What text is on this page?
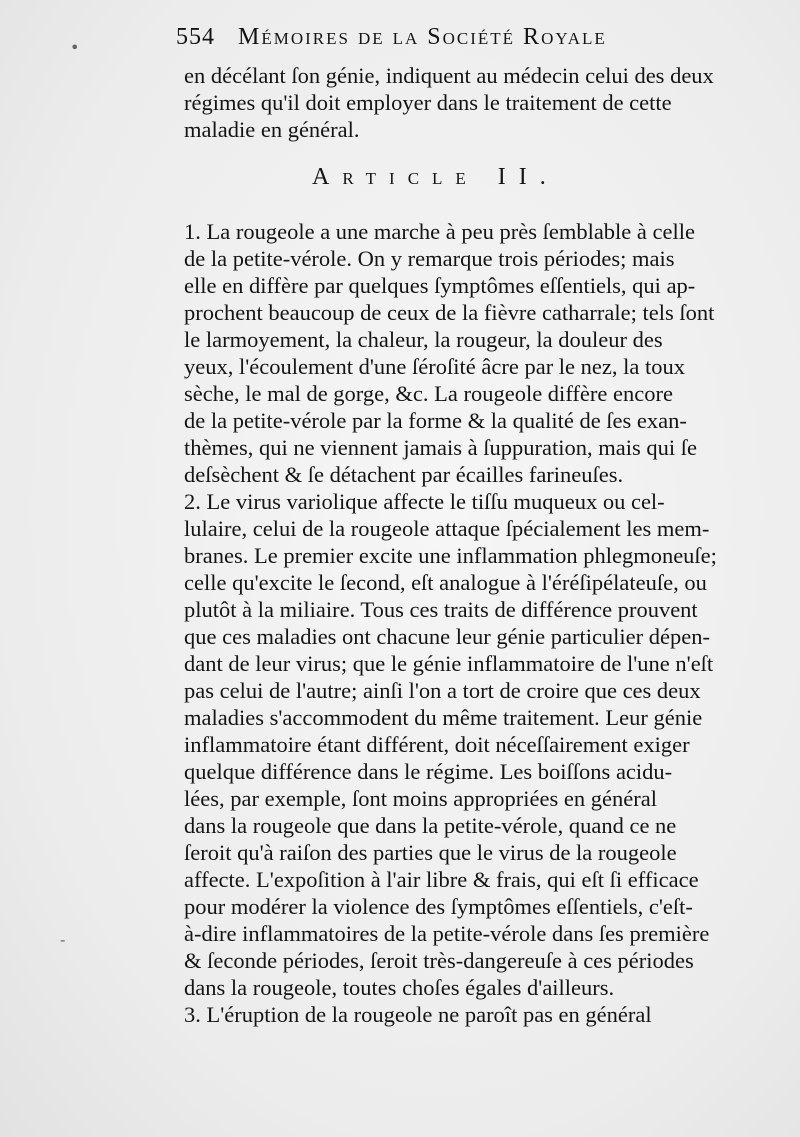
554 Mémoires de la Société Royale
•
en décélant ſon génie, indiquent au médecin celui des deux
régimes qu'il doit employer dans le traitement de cette
maladie en général.
Article II.
1. La rougeole a une marche à peu près ſemblable à celle
de la petite-vérole. On y remarque trois périodes; mais
elle en diffère par quelques ſymptômes eſſentiels, qui ap-
prochent beaucoup de ceux de la fièvre catharrale; tels ſont
le larmoyement, la chaleur, la rougeur, la douleur des
yeux, l'écoulement d'une ſéroſité âcre par le nez, la toux
sèche, le mal de gorge, &c. La rougeole diffère encore
de la petite-vérole par la forme & la qualité de ſes exan-
thèmes, qui ne viennent jamais à ſuppuration, mais qui ſe
deſsèchent & ſe détachent par écailles farineuſes.
2. Le virus variolique affecte le tiſſu muqueux ou cel-
lulaire, celui de la rougeole attaque ſpécialement les mem-
branes. Le premier excite une inflammation phlegmoneuſe;
celle qu'excite le ſecond, eſt analogue à l'éréſipélateuſe, ou
plutôt à la miliaire. Tous ces traits de différence prouvent
que ces maladies ont chacune leur génie particulier dépen-
dant de leur virus; que le génie inflammatoire de l'une n'eſt
pas celui de l'autre; ainſi l'on a tort de croire que ces deux
maladies s'accommodent du même traitement. Leur génie
inflammatoire étant différent, doit néceſſairement exiger
quelque différence dans le régime. Les boiſſons acidu-
lées, par exemple, ſont moins appropriées en général
dans la rougeole que dans la petite-vérole, quand ce ne
ſeroit qu'à raiſon des parties que le virus de la rougeole
affecte. L'expoſition à l'air libre & frais, qui eſt ſi efficace
pour modérer la violence des ſymptômes eſſentiels, c'eſt-
à-dire inflammatoires de la petite-vérole dans ſes première
& ſeconde périodes, ſeroit très-dangereuſe à ces périodes
dans la rougeole, toutes choſes égales d'ailleurs.
3. L'éruption de la rougeole ne paroît pas en général
‑
